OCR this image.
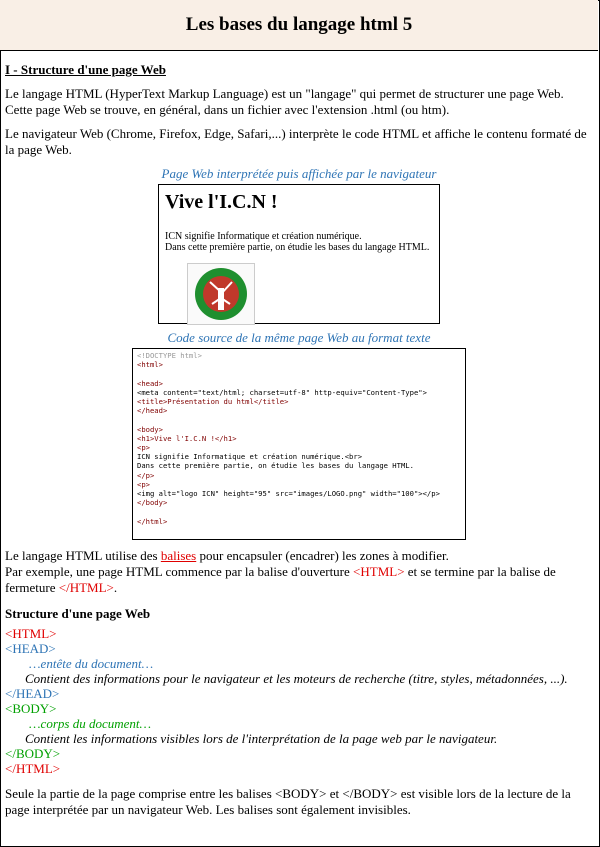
Les bases du langage html 5
I - Structure d'une page Web

Le langage HTML (HyperText Markup Language) est un "langage" qui permet de structurer une page Web. Cette page Web se trouve, en général, dans un fichier avec l'extension .html (ou htm).

Le navigateur Web (Chrome, Firefox, Edge, Safari,...) interprète le code HTML et affiche le contenu formaté de la page Web.

Page Web interprétée puis affichée par le navigateur
Vive l'I.C.N !
ICN signifie Informatique et création numérique.
Dans cette première partie, on étudie les bases du langage HTML.
Code source de la même page Web au format texte
<!DOCTYPE html>
<html>

<head>
<meta content="text/html; charset=utf-8" http-equiv="Content-Type">
<title>Présentation du html</title>
</head>

<body>
<h1>Vive l'I.C.N !</h1>
<p>
ICN signifie Informatique et création numérique.<br>
Dans cette première partie, on étudie les bases du langage HTML.
</p>
<p>
<img alt="logo ICN" height="95" src="images/LOGO.png" width="100"></p>
</body>

</html>

Le langage HTML utilise des balises pour encapsuler (encadrer) les zones à modifier.
Par exemple, une page HTML commence par la balise d'ouverture <HTML> et se termine par la balise de fermeture </HTML>.

Structure d'une page Web
<HTML>
<HEAD>
…entête du document…
Contient des informations pour le navigateur et les moteurs de recherche (titre, styles, métadonnées, ...).
</HEAD>
<BODY>
…corps du document…
Contient les informations visibles lors de l'interprétation de la page web par le navigateur.
</BODY>
</HTML>

Seule la partie de la page comprise entre les balises <BODY> et </BODY> est visible lors de la lecture de la page interprétée par un navigateur Web. Les balises sont également invisibles.
